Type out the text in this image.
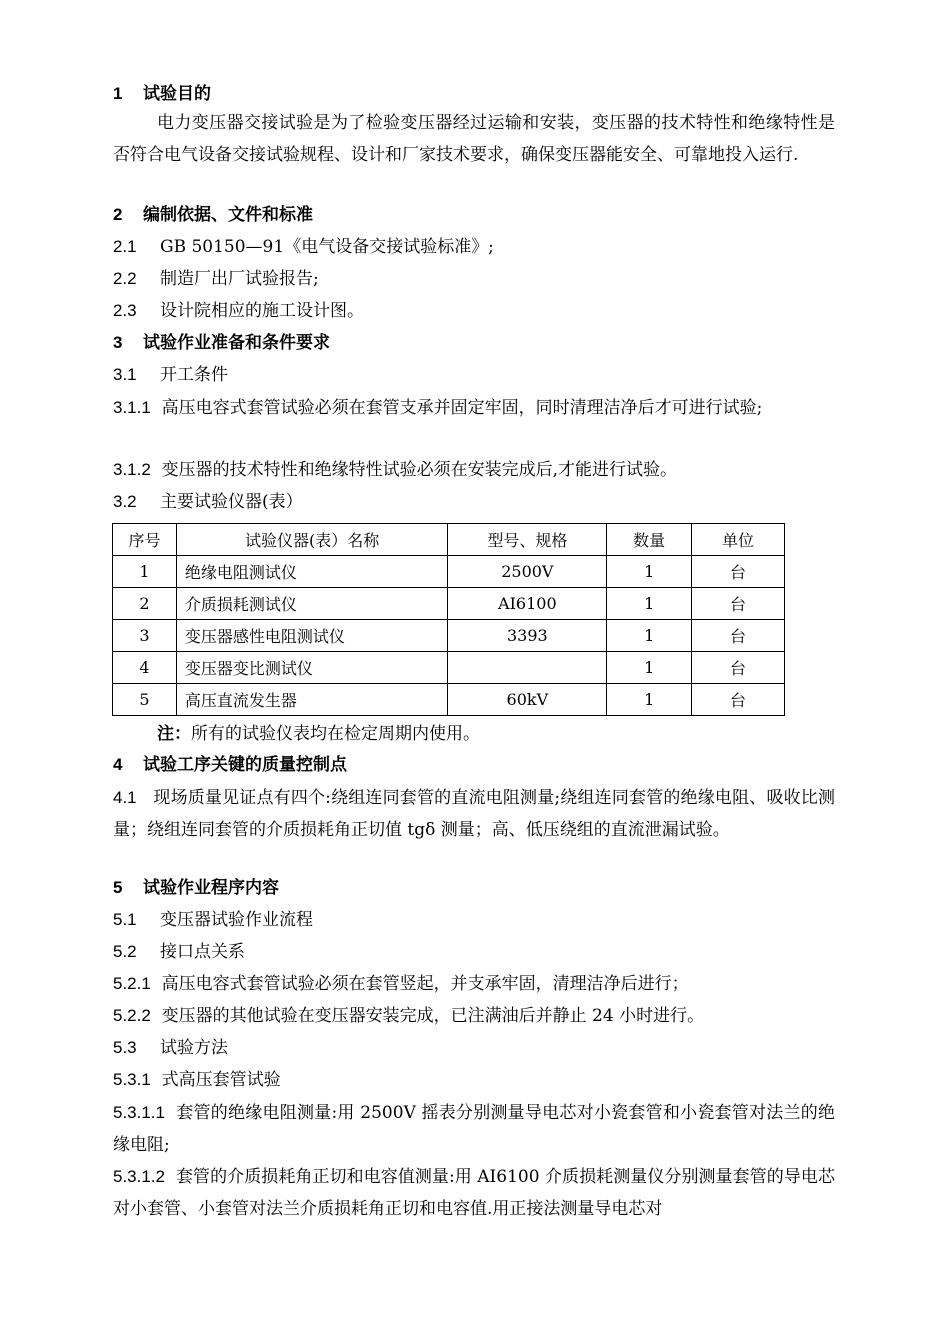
1 试验目的
电力变压器交接试验是为了检验变压器经过运输和安装，变压器的技术特性和绝缘特性是否符合电气设备交接试验规程、设计和厂家技术要求，确保变压器能安全、可靠地投入运行.
2 编制依据、文件和标准
2.1 GB 50150—91《电气设备交接试验标准》;
2.2 制造厂出厂试验报告;
2.3 设计院相应的施工设计图。
3 试验作业准备和条件要求
3.1 开工条件
3.1.1 高压电容式套管试验必须在套管支承并固定牢固，同时清理洁净后才可进行试验;
3.1.2 变压器的技术特性和绝缘特性试验必须在安装完成后,才能进行试验。
3.2 主要试验仪器(表）
序号	试验仪器(表）名称	型号、规格	数量	单位
1	绝缘电阻测试仪	2500V	1	台
2	介质损耗测试仪	AI6100	1	台
3	变压器感性电阻测试仪	3393	1	台
4	变压器变比测试仪		1	台
5	高压直流发生器	60kV	1	台
注：所有的试验仪表均在检定周期内使用。
4 试验工序关键的质量控制点
4.1 现场质量见证点有四个:绕组连同套管的直流电阻测量;绕组连同套管的绝缘电阻、吸收比测量；绕组连同套管的介质损耗角正切值 tgδ 测量；高、低压绕组的直流泄漏试验。
5 试验作业程序内容
5.1 变压器试验作业流程
5.2 接口点关系
5.2.1 高压电容式套管试验必须在套管竖起，并支承牢固，清理洁净后进行；
5.2.2 变压器的其他试验在变压器安装完成，已注满油后并静止 24 小时进行。
5.3 试验方法
5.3.1 式高压套管试验
5.3.1.1 套管的绝缘电阻测量:用 2500V 摇表分别测量导电芯对小瓷套管和小瓷套管对法兰的绝缘电阻;
5.3.1.2 套管的介质损耗角正切和电容值测量:用 AI6100 介质损耗测量仪分别测量套管的导电芯对小套管、小套管对法兰介质损耗角正切和电容值.用正接法测量导电芯对
